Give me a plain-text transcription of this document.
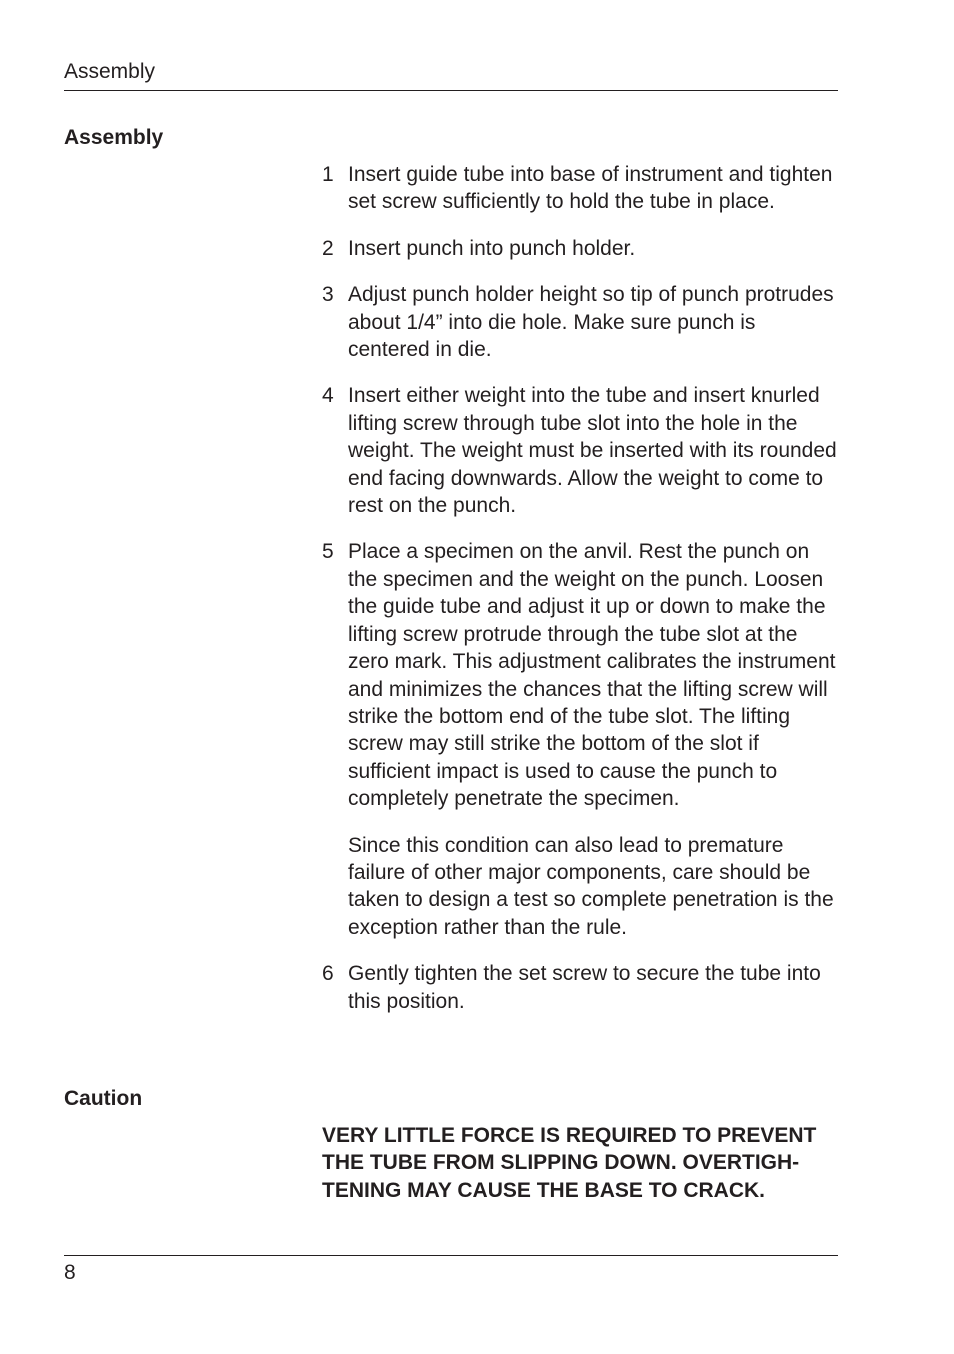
Assembly
Assembly
1 Insert guide tube into base of instrument and tighten set screw sufficiently to hold the tube in place.

2 Insert punch into punch holder.

3 Adjust punch holder height so tip of punch protrudes about 1/4” into die hole. Make sure punch is centered in die.

4 Insert either weight into the tube and insert knurled lifting screw through tube slot into the hole in the weight. The weight must be inserted with its rounded end facing downwards. Allow the weight to come to rest on the punch.

5 Place a specimen on the anvil. Rest the punch on the specimen and the weight on the punch. Loosen the guide tube and adjust it up or down to make the lifting screw protrude through the tube slot at the zero mark. This adjustment calibrates the instrument and minimizes the chances that the lifting screw will strike the bottom end of the tube slot. The lifting screw may still strike the bottom of the slot if sufficient impact is used to cause the punch to completely penetrate the specimen.

Since this condition can also lead to premature failure of other major components, care should be taken to design a test so complete penetration is the exception rather than the rule.

6 Gently tighten the set screw to secure the tube into this position.

Caution

VERY LITTLE FORCE IS REQUIRED TO PREVENT THE TUBE FROM SLIPPING DOWN. OVERTIGH- TENING MAY CAUSE THE BASE TO CRACK.

8
